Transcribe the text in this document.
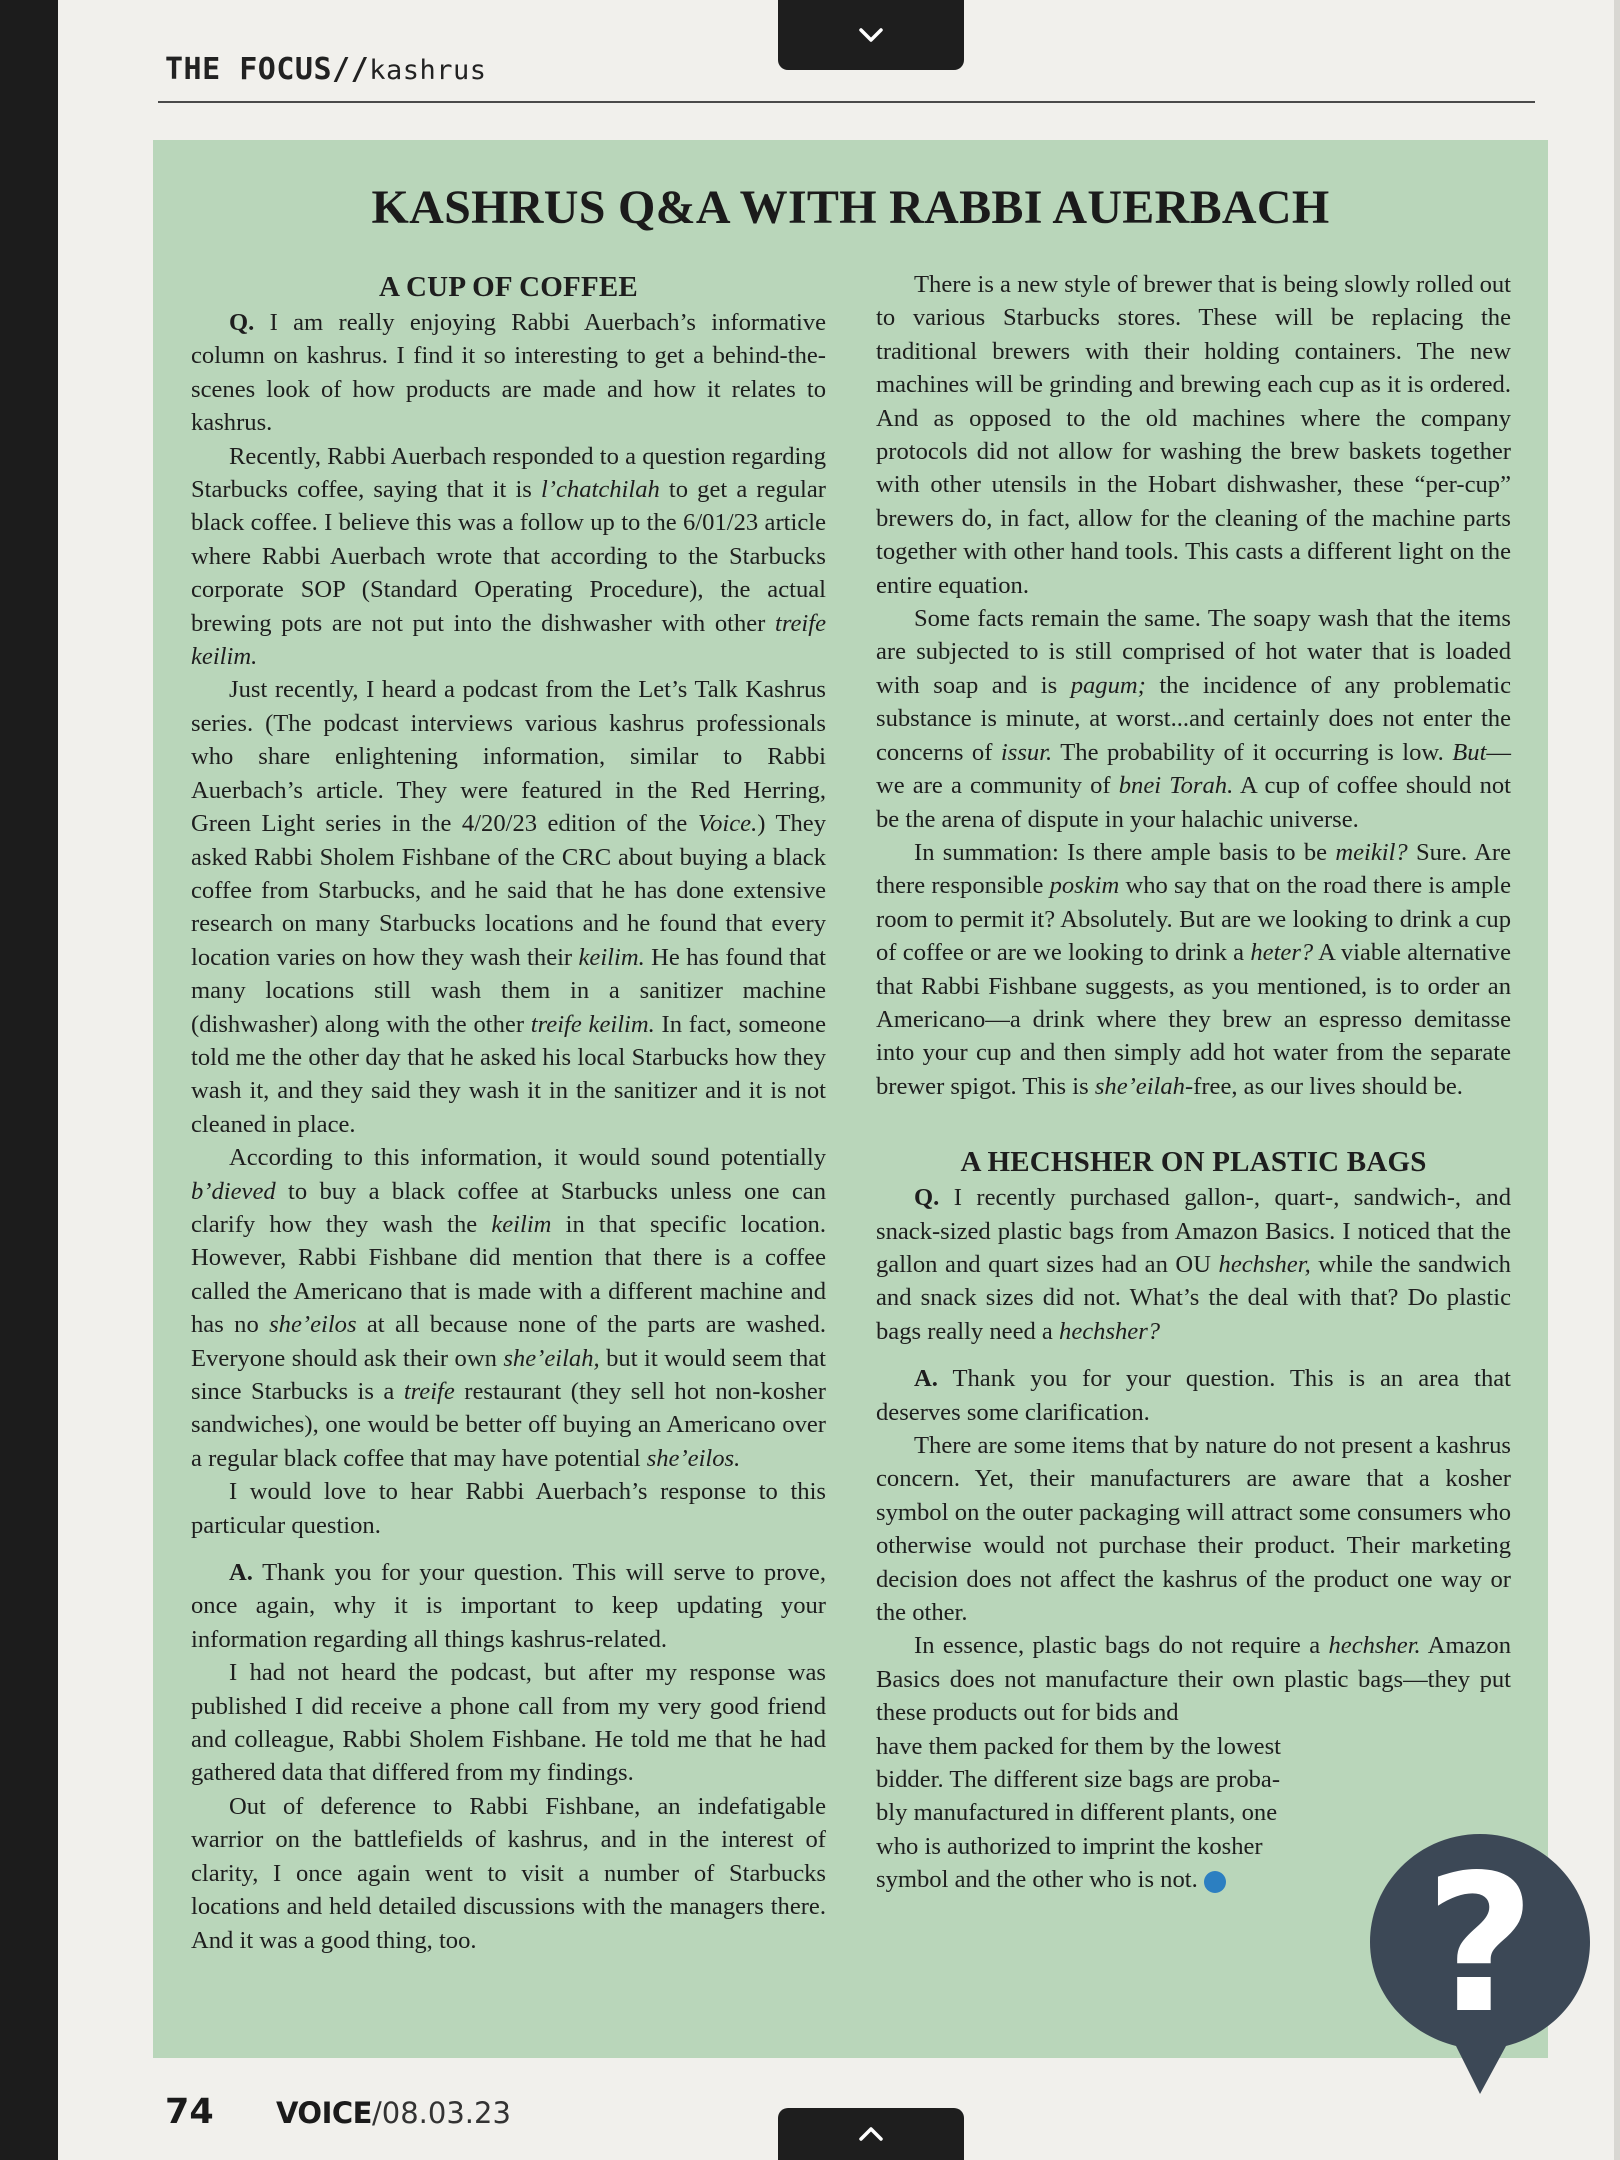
THE FOCUS//kashrus
KASHRUS Q&A WITH RABBI AUERBACH
A CUP OF COFFEE

Q. I am really enjoying Rabbi Auerbach’s informative column on kashrus. I find it so interesting to get a behind-the-scenes look of how products are made and how it relates to kashrus.

Recently, Rabbi Auerbach responded to a question regarding Starbucks coffee, saying that it is l’chatchilah to get a regular black coffee. I believe this was a follow up to the 6/01/23 article where Rabbi Auerbach wrote that according to the Starbucks corporate SOP (Standard Operating Procedure), the actual brewing pots are not put into the dishwasher with other treife keilim.

Just recently, I heard a podcast from the Let’s Talk Kashrus series. (The podcast interviews various kashrus professionals who share enlightening information, similar to Rabbi Auerbach’s article. They were featured in the Red Herring, Green Light series in the 4/20/23 edition of the Voice.) They asked Rabbi Sholem Fishbane of the CRC about buying a black coffee from Starbucks, and he said that he has done extensive research on many Starbucks locations and he found that every location varies on how they wash their keilim. He has found that many locations still wash them in a sanitizer machine (dishwasher) along with the other treife keilim. In fact, someone told me the other day that he asked his local Starbucks how they wash it, and they said they wash it in the sanitizer and it is not cleaned in place.

According to this information, it would sound potentially b’dieved to buy a black coffee at Starbucks unless one can clarify how they wash the keilim in that specific location. However, Rabbi Fishbane did mention that there is a coffee called the Americano that is made with a different machine and has no she’eilos at all because none of the parts are washed. Everyone should ask their own she’eilah, but it would seem that since Starbucks is a treife restaurant (they sell hot non-kosher sandwiches), one would be better off buying an Americano over a regular black coffee that may have potential she’eilos.

I would love to hear Rabbi Auerbach’s response to this particular question.

A. Thank you for your question. This will serve to prove, once again, why it is important to keep updating your information regarding all things kashrus-related.

I had not heard the podcast, but after my response was published I did receive a phone call from my very good friend and colleague, Rabbi Sholem Fishbane. He told me that he had gathered data that differed from my findings.

Out of deference to Rabbi Fishbane, an indefatigable warrior on the battlefields of kashrus, and in the interest of clarity, I once again went to visit a number of Starbucks locations and held detailed discussions with the managers there. And it was a good thing, too.

There is a new style of brewer that is being slowly rolled out to various Starbucks stores. These will be replacing the traditional brewers with their holding containers. The new machines will be grinding and brewing each cup as it is ordered. And as opposed to the old machines where the company protocols did not allow for washing the brew baskets together with other utensils in the Hobart dishwasher, these “per-cup” brewers do, in fact, allow for the cleaning of the machine parts together with other hand tools. This casts a different light on the entire equation.

Some facts remain the same. The soapy wash that the items are subjected to is still comprised of hot water that is loaded with soap and is pagum; the incidence of any problematic substance is minute, at worst...and certainly does not enter the concerns of issur. The probability of it occurring is low. But—we are a community of bnei Torah. A cup of coffee should not be the arena of dispute in your halachic universe.

In summation: Is there ample basis to be meikil? Sure. Are there responsible poskim who say that on the road there is ample room to permit it? Absolutely. But are we looking to drink a cup of coffee or are we looking to drink a heter? A viable alternative that Rabbi Fishbane suggests, as you mentioned, is to order an Americano—a drink where they brew an espresso demitasse into your cup and then simply add hot water from the separate brewer spigot. This is she’eilah-free, as our lives should be.

A HECHSHER ON PLASTIC BAGS

Q. I recently purchased gallon-, quart-, sandwich-, and snack-sized plastic bags from Amazon Basics. I noticed that the gallon and quart sizes had an OU hechsher, while the sandwich and snack sizes did not. What’s the deal with that? Do plastic bags really need a hechsher?

A. Thank you for your question. This is an area that deserves some clarification.

There are some items that by nature do not present a kashrus concern. Yet, their manufacturers are aware that a kosher symbol on the outer packaging will attract some consumers who otherwise would not purchase their product. Their marketing decision does not affect the kashrus of the product one way or the other.

In essence, plastic bags do not require a hechsher. Amazon Basics does not manufacture their own plastic bags—they put these products out for bids and

have them packed for them by the lowest
bidder. The different size bags are proba-
bly manufactured in different plants, one
who is authorized to imprint the kosher
symbol and the other who is not.	?
74 VOICE/08.03.23
